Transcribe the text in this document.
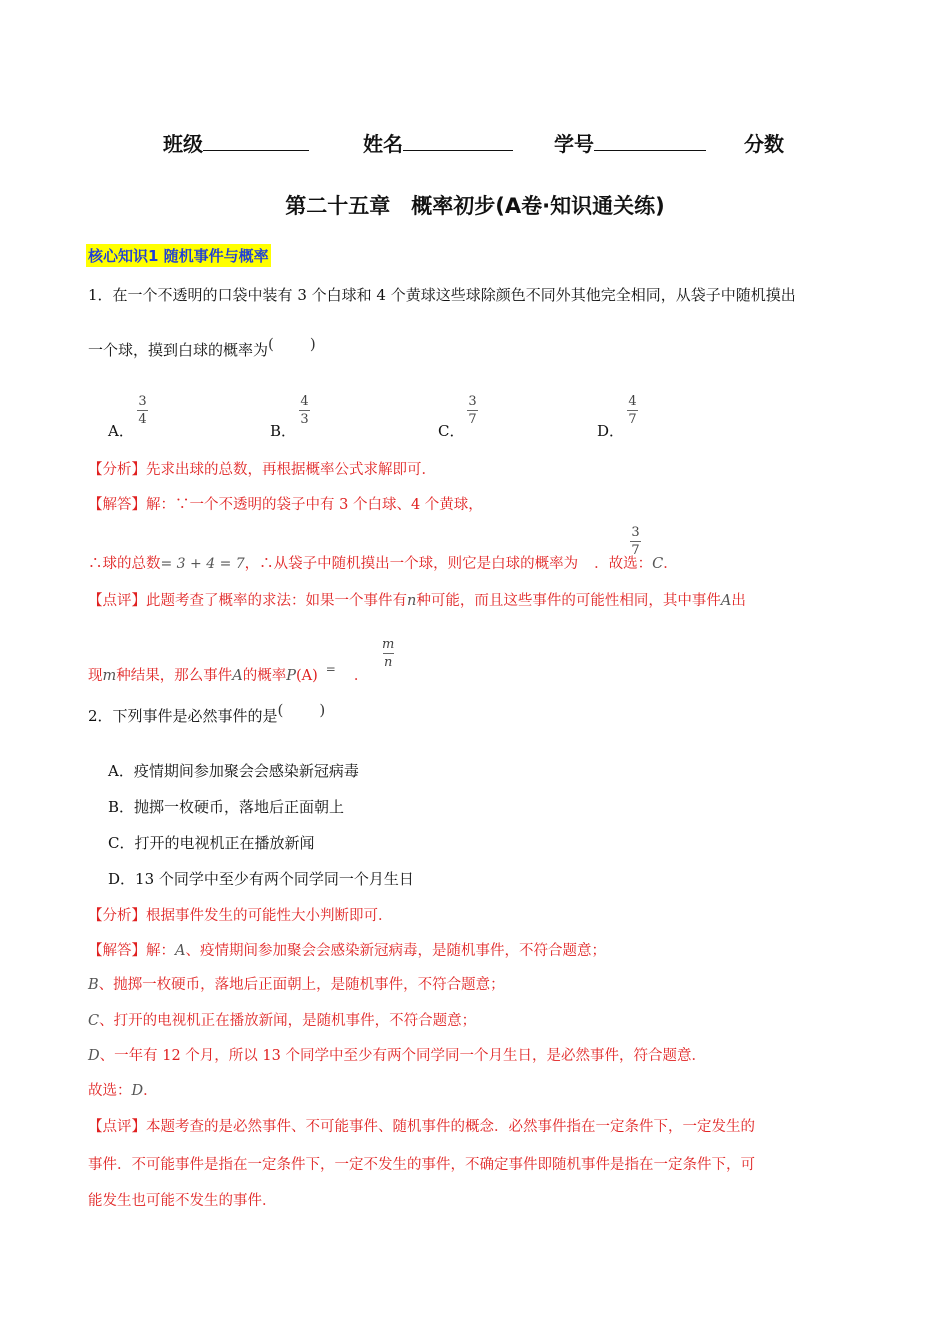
班级	姓名	学号	分数
第二十五章　概率初步(A卷·知识通关练)
核心知识1 随机事件与概率
1．在一个不透明的口袋中装有 3 个白球和 4 个黄球这些球除颜色不同外其他完全相同，从袋子中随机摸出
一个球，摸到白球的概率为( )
A．
3
4
B．
4
3
C．
3
7
D．
4
7
【分析】先求出球的总数，再根据概率公式求解即可．
【解答】解：∵一个不透明的袋子中有 3 个白球、4 个黄球，
∴球的总数= 3 + 4 = 7，∴从袋子中随机摸出一个球，则它是白球的概率为 ．故选：C．
3
7
【点评】此题考查了概率的求法：如果一个事件有n种可能，而且这些事件的可能性相同，其中事件A出
现m种结果，那么事件A的概率P(A) = ．
m
n
2．下列事件是必然事件的是( )
A．疫情期间参加聚会会感染新冠病毒
B．抛掷一枚硬币，落地后正面朝上
C．打开的电视机正在播放新闻
D．13 个同学中至少有两个同学同一个月生日
【分析】根据事件发生的可能性大小判断即可．
【解答】解：A、疫情期间参加聚会会感染新冠病毒，是随机事件，不符合题意；
B、抛掷一枚硬币，落地后正面朝上，是随机事件，不符合题意；
C、打开的电视机正在播放新闻，是随机事件，不符合题意；
D、一年有 12 个月，所以 13 个同学中至少有两个同学同一个月生日，是必然事件，符合题意．
故选：D．
【点评】本题考查的是必然事件、不可能事件、随机事件的概念．必然事件指在一定条件下，一定发生的
事件．不可能事件是指在一定条件下，一定不发生的事件，不确定事件即随机事件是指在一定条件下，可
能发生也可能不发生的事件．
